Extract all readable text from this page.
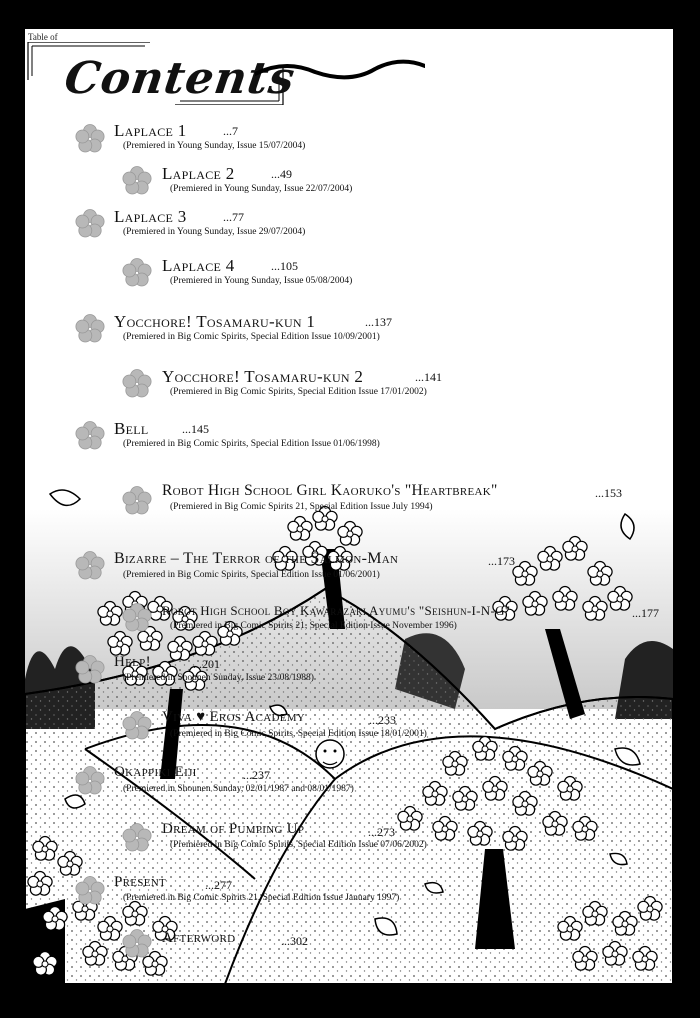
Table of
Contents
Laplace 1	...7
(Premiered in Young Sunday, Issue 15/07/2004)
Laplace 2	...49
(Premiered in Young Sunday, Issue 22/07/2004)
Laplace 3	...77
(Premiered in Young Sunday, Issue 29/07/2004)
Laplace 4	...105
(Premiered in Young Sunday, Issue 05/08/2004)
Yocchore! Tosamaru-kun 1	...137
(Premiered in Big Comic Spirits, Special Edition Issue 10/09/2001)
Yocchore! Tosamaru-kun 2	...141
(Premiered in Big Comic Spirits, Special Edition Issue 17/01/2002)
Bell	...145
(Premiered in Big Comic Spirits, Special Edition Issue 01/06/1998)
Robot High School Girl Kaoruko's "Heartbreak"	...153
(Premiered in Big Comic Spirits 21, Special Edition Issue July 1994)
Bizarre – The Terror of the Salmon-Man	...173
(Premiered in Big Comic Spirits, Special Edition Issue 01/06/2001)
Robot High School Boy Kawarazaki Ayumu's "Seishun-I-N-G"	...177
(Premiered in Big Comic Spirits 21, Special Edition Issue November 1996)
Help!	...201
(Premiered in Shounen Sunday, Issue 23/08/1988)
Viva ♥ Eros Academy	...233
(Premiered in Big Comic Spirits, Special Edition Issue 18/01/2001)
Okappiki Eiji	...237
(Premiered in Shounen Sunday, 02/01/1987 and 08/01/1987)
Dream of Pumping Up	...273
(Premiered in Big Comic Spirits, Special Edition Issue 07/06/2002)
Present	...277
(Premiered in Big Comic Spirits 21, Special Edition Issue January 1997)
Afterword	...302
